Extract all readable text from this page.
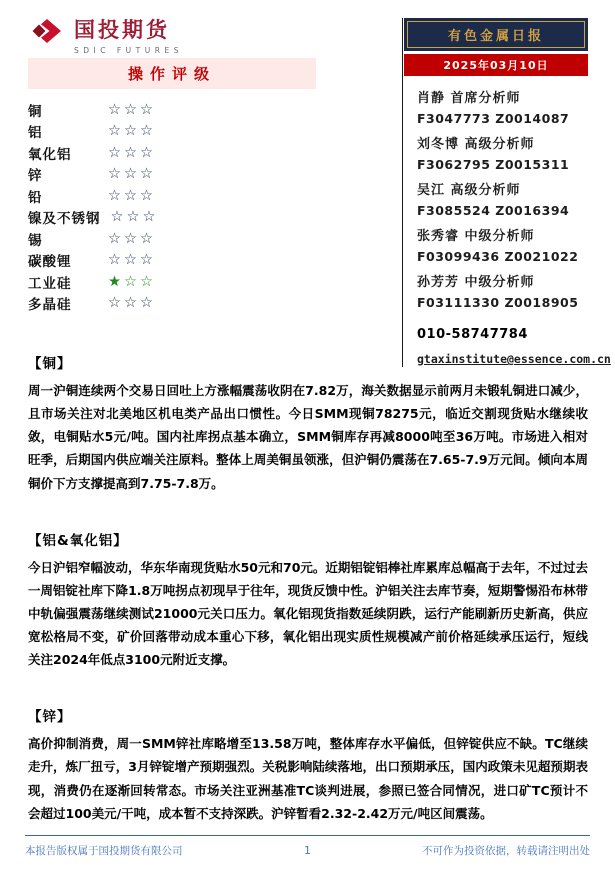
国投期货
SDIC FUTURES
有色金属日报
2025年03月10日
肖静 首席分析师
F3047773 Z0014087
刘冬博 高级分析师
F3062795 Z0015311
吴江 高级分析师
F3085524 Z0016394
张秀睿 中级分析师
F03099436 Z0021022
孙芳芳 中级分析师
F03111330 Z0018905
010-58747784
gtaxinstitute@essence.com.cn
操作评级
铜	☆☆☆
铝	☆☆☆
氧化铝	☆☆☆
锌	☆☆☆
铅	☆☆☆
镍及不锈钢 ☆☆☆
锡	☆☆☆
碳酸锂	☆☆☆
工业硅	★☆☆
多晶硅	☆☆☆
【铜】
周一沪铜连续两个交易日回吐上方涨幅震荡收阴在7.82万，海关数据显示前两月未锻轧铜进口减少，且市场关注对北美地区机电类产品出口惯性。今日SMM现铜78275元，临近交割现货贴水继续收敛，电铜贴水5元/吨。国内社库拐点基本确立，SMM铜库存再减8000吨至36万吨。市场进入相对旺季，后期国内供应端关注原料。整体上周美铜虽领涨，但沪铜仍震荡在7.65-7.9万元间。倾向本周铜价下方支撑提高到7.75-7.8万。
【铝&氧化铝】
今日沪铝窄幅波动，华东华南现货贴水50元和70元。近期铝锭铝棒社库累库总幅高于去年，不过过去一周铝锭社库下降1.8万吨拐点初现早于往年，现货反馈中性。沪铝关注去库节奏，短期警惕沿布林带中轨偏强震荡继续测试21000元关口压力。氧化铝现货指数延续阴跌，运行产能刷新历史新高，供应宽松格局不变，矿价回落带动成本重心下移，氧化铝出现实质性规模减产前价格延续承压运行，短线关注2024年低点3100元附近支撑。
【锌】
高价抑制消费，周一SMM锌社库略增至13.58万吨，整体库存水平偏低，但锌锭供应不缺。TC继续走升，炼厂扭亏，3月锌锭增产预期强烈。关税影响陆续落地，出口预期承压，国内政策未见超预期表现，消费仍在逐渐回转常态。市场关注亚洲基准TC谈判进展，参照已签合同情况，进口矿TC预计不会超过100美元/干吨，成本暂不支持深跌。沪锌暂看2.32-2.42万元/吨区间震荡。
本报告版权属于国投期货有限公司	1	不可作为投资依据，转载请注明出处
